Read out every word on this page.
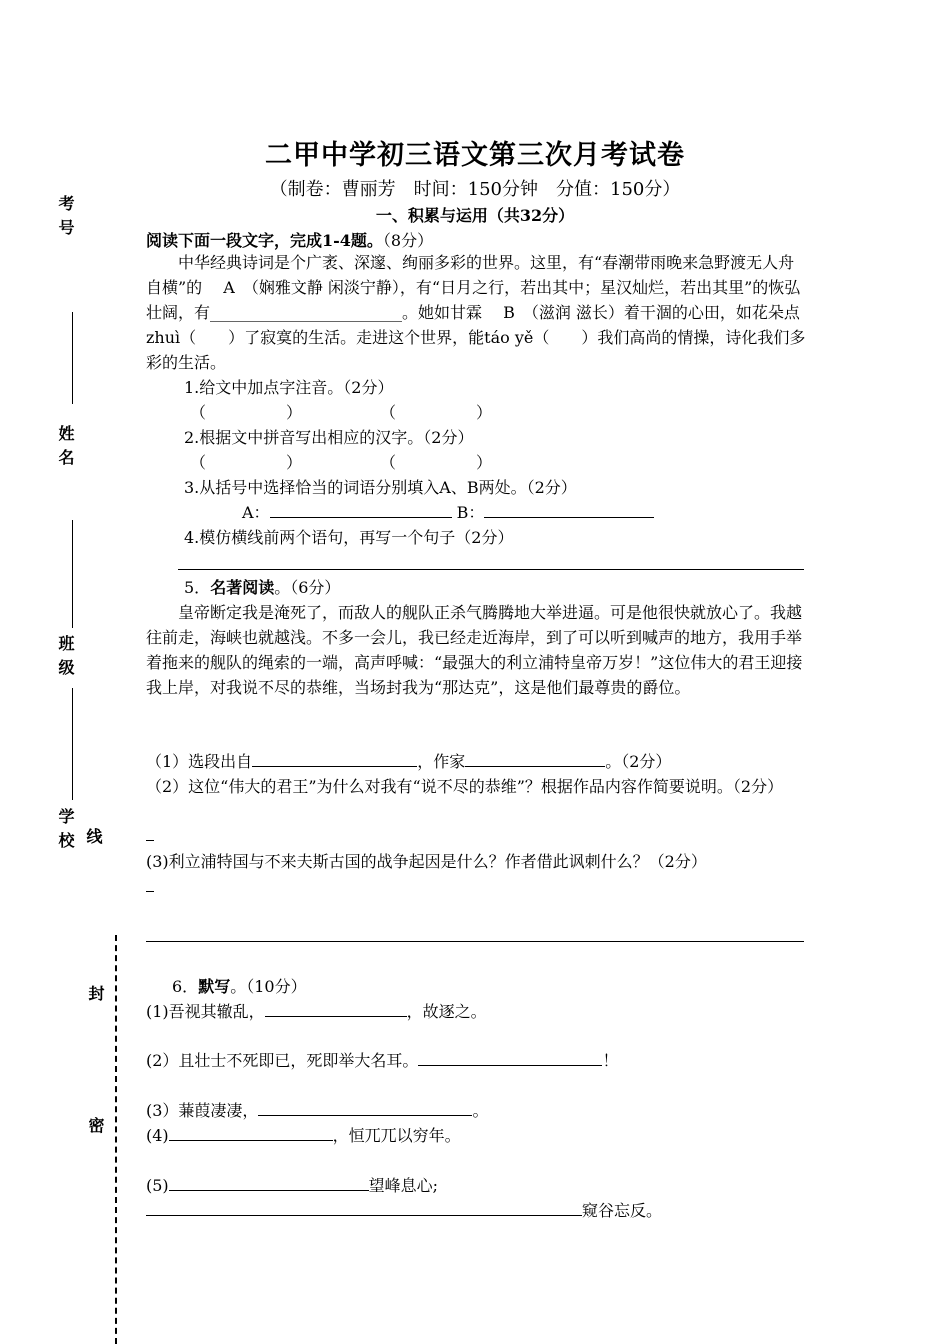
考号
姓名
班级
学校 线
封
密
二甲中学初三语文第三次月考试卷
（制卷：曹丽芳　时间：150分钟　分值：150分）
一、积累与运用（共32分）
阅读下面一段文字，完成1-4题。（8分）
中华经典诗词是个广袤、深邃、绚丽多彩的世界。这里，有“春潮带雨晚来急野渡无人舟自横”的　 A　（娴雅文静 闲淡宁静），有“日月之行，若出其中；星汉灿烂，若出其里”的恢弘壮阔，有________________________。她如甘霖　 B　（滋润 滋长）着干涸的心田，如花朵点zhuì（　　）了寂寞的生活。走进这个世界，能táo yě（　　）我们高尚的情操，诗化我们多彩的生活。
1.给文中加点字注音。（2分）
（　　　　　）	（　　　　　）
2.根据文中拼音写出相应的汉字。（2分）
（　　　　　）	（　　　　　）
3.从括号中选择恰当的词语分别填入A、B两处。（2分）
A：	B：
4.模仿横线前两个语句，再写一个句子（2分）
5．名著阅读。（6分）
皇帝断定我是淹死了，而敌人的舰队正杀气腾腾地大举进逼。可是他很快就放心了。我越往前走，海峡也就越浅。不多一会儿，我已经走近海岸，到了可以听到喊声的地方，我用手举着拖来的舰队的绳索的一端，高声呼喊：“最强大的利立浦特皇帝万岁！”这位伟大的君王迎接我上岸，对我说不尽的恭维，当场封我为“那达克”，这是他们最尊贵的爵位。
（1）选段出自	，作家	。（2分）
（2）这位“伟大的君王”为什么对我有“说不尽的恭维”？根据作品内容作简要说明。（2分）
(3)利立浦特国与不来夫斯古国的战争起因是什么？作者借此讽刺什么？（2分）
6．默写。（10分）
(1)吾视其辙乱，	，故逐之。
(2）且壮士不死即已，死即举大名耳。	！
(3）蒹葭凄凄，	。
(4)	，恒兀兀以穷年。
(5)	望峰息心;
窥谷忘反。
